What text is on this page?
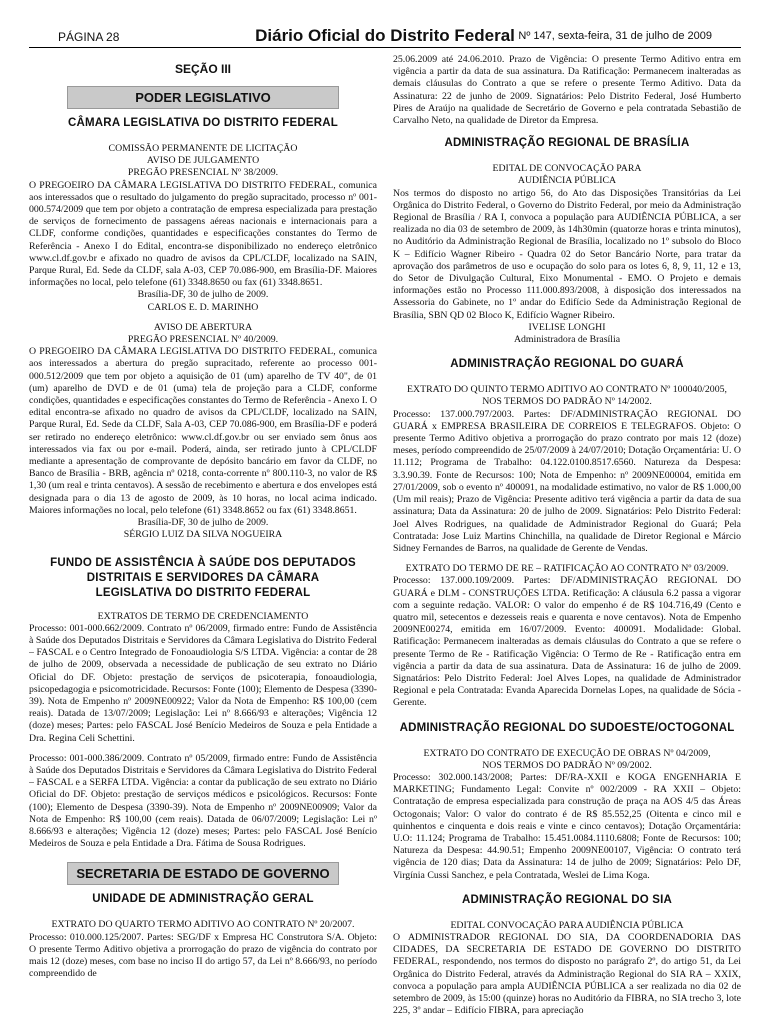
PÁGINA 28	Diário Oficial do Distrito Federal Nº 147, sexta-feira, 31 de julho de 2009
SEÇÃO III
PODER LEGISLATIVO
CÂMARA LEGISLATIVA DO DISTRITO FEDERAL
COMISSÃO PERMANENTE DE LICITAÇÃO
AVISO DE JULGAMENTO
PREGÃO PRESENCIAL Nº 38/2009.
O PREGOEIRO DA CÂMARA LEGISLATIVA DO DISTRITO FEDERAL, comunica aos interessados que o resultado do julgamento do pregão supracitado, processo nº 001-000.574/2009 que tem por objeto a contratação de empresa especializada para prestação de serviços de fornecimento de passagens aéreas nacionais e internacionais para a CLDF, conforme condições, quantidades e especificações constantes do Termo de Referência - Anexo I do Edital, encontra-se disponibilizado no endereço eletrônico www.cl.df.gov.br e afixado no quadro de avisos da CPL/CLDF, localizado na SAIN, Parque Rural, Ed. Sede da CLDF, sala A-03, CEP 70.086-900, em Brasília-DF. Maiores informações no local, pelo telefone (61) 3348.8650 ou fax (61) 3348.8651.
Brasília-DF, 30 de julho de 2009.
CARLOS E. D. MARINHO
AVISO DE ABERTURA
PREGÃO PRESENCIAL Nº 40/2009.
O PREGOEIRO DA CÂMARA LEGISLATIVA DO DISTRITO FEDERAL, comunica aos interessados a abertura do pregão supracitado, referente ao processo 001-000.512/2009 que tem por objeto a aquisição de 01 (um) aparelho de TV 40", de 01 (um) aparelho de DVD e de 01 (uma) tela de projeção para a CLDF, conforme condições, quantidades e especificações constantes do Termo de Referência - Anexo I. O edital encontra-se afixado no quadro de avisos da CPL/CLDF, localizado na SAIN, Parque Rural, Ed. Sede da CLDF, Sala A-03, CEP 70.086-900, em Brasília-DF e poderá ser retirado no endereço eletrônico: www.cl.df.gov.br ou ser enviado sem ônus aos interessados via fax ou por e-mail. Poderá, ainda, ser retirado junto à CPL/CLDF mediante a apresentação de comprovante de depósito bancário em favor da CLDF, no Banco de Brasília - BRB, agência nº 0218, conta-corrente nº 800.110-3, no valor de R$ 1,30 (um real e trinta centavos). A sessão de recebimento e abertura e dos envelopes está designada para o dia 13 de agosto de 2009, às 10 horas, no local acima indicado. Maiores informações no local, pelo telefone (61) 3348.8652 ou fax (61) 3348.8651.
Brasília-DF, 30 de julho de 2009.
SÉRGIO LUIZ DA SILVA NOGUEIRA
FUNDO DE ASSISTÊNCIA À SAÚDE DOS DEPUTADOS DISTRITAIS E SERVIDORES DA CÂMARA LEGISLATIVA DO DISTRITO FEDERAL
EXTRATOS DE TERMO DE CREDENCIAMENTO
Processo: 001-000.662/2009. Contrato nº 06/2009, firmado entre: Fundo de Assistência à Saúde dos Deputados Distritais e Servidores da Câmara Legislativa do Distrito Federal – FASCAL e o Centro Integrado de Fonoaudiologia S/S LTDA. Vigência: a contar de 28 de julho de 2009, observada a necessidade de publicação de seu extrato no Diário Oficial do DF. Objeto: prestação de serviços de psicoterapia, fonoaudiologia, psicopedagogia e psicomotricidade. Recursos: Fonte (100); Elemento de Despesa (3390-39). Nota de Empenho nº 2009NE00922; Valor da Nota de Empenho: R$ 100,00 (cem reais). Datada de 13/07/2009; Legislação: Lei nº 8.666/93 e alterações; Vigência 12 (doze) meses; Partes: pelo FASCAL José Benício Medeiros de Souza e pela Entidade a Dra. Regina Celi Schettini.
Processo: 001-000.386/2009. Contrato nº 05/2009, firmado entre: Fundo de Assistência à Saúde dos Deputados Distritais e Servidores da Câmara Legislativa do Distrito Federal – FASCAL e a SERFA LTDA. Vigência: a contar da publicação de seu extrato no Diário Oficial do DF. Objeto: prestação de serviços médicos e psicológicos. Recursos: Fonte (100); Elemento de Despesa (3390-39). Nota de Empenho nº 2009NE00909; Valor da Nota de Empenho: R$ 100,00 (cem reais). Datada de 06/07/2009; Legislação: Lei nº 8.666/93 e alterações; Vigência 12 (doze) meses; Partes: pelo FASCAL José Benício Medeiros de Souza e pela Entidade a Dra. Fátima de Sousa Rodrigues.
SECRETARIA DE ESTADO DE GOVERNO
UNIDADE DE ADMINISTRAÇÃO GERAL
EXTRATO DO QUARTO TERMO ADITIVO AO CONTRATO Nº 20/2007.
Processo: 010.000.125/2007. Partes: SEG/DF x Empresa HC Construtora S/A. Objeto: O presente Termo Aditivo objetiva a prorrogação do prazo de vigência do contrato por mais 12 (doze) meses, com base no inciso II do artigo 57, da Lei nº 8.666/93, no período compreendido de
25.06.2009 até 24.06.2010. Prazo de Vigência: O presente Termo Aditivo entra em vigência a partir da data de sua assinatura. Da Ratificação: Permanecem inalteradas as demais cláusulas do Contrato a que se refere o presente Termo Aditivo. Data da Assinatura: 22 de junho de 2009. Signatários: Pelo Distrito Federal, José Humberto Pires de Araújo na qualidade de Secretário de Governo e pela contratada Sebastião de Carvalho Neto, na qualidade de Diretor da Empresa.
ADMINISTRAÇÃO REGIONAL DE BRASÍLIA
EDITAL DE CONVOCAÇÃO PARA
AUDIÊNCIA PÚBLICA
Nos termos do disposto no artigo 56, do Ato das Disposições Transitórias da Lei Orgânica do Distrito Federal, o Governo do Distrito Federal, por meio da Administração Regional de Brasília / RA I, convoca a população para AUDIÊNCIA PÚBLICA, a ser realizada no dia 03 de setembro de 2009, às 14h30min (quatorze horas e trinta minutos), no Auditório da Administração Regional de Brasília, localizado no 1º subsolo do Bloco K – Edifício Wagner Ribeiro - Quadra 02 do Setor Bancário Norte, para tratar da aprovação dos parâmetros de uso e ocupação do solo para os lotes 6, 8, 9, 11, 12 e 13, do Setor de Divulgação Cultural, Eixo Monumental - EMO. O Projeto e demais informações estão no Processo 111.000.893/2008, à disposição dos interessados na Assessoria do Gabinete, no 1º andar do Edifício Sede da Administração Regional de Brasília, SBN QD 02 Bloco K, Edifício Wagner Ribeiro.
IVELISE LONGHI
Administradora de Brasília
ADMINISTRAÇÃO REGIONAL DO GUARÁ
EXTRATO DO QUINTO TERMO ADITIVO AO CONTRATO Nº 100040/2005,
NOS TERMOS DO PADRÃO Nº 14/2002.
Processo: 137.000.797/2003. Partes: DF/ADMINISTRAÇÃO REGIONAL DO GUARÁ x EMPRESA BRASILEIRA DE CORREIOS E TELEGRAFOS. Objeto: O presente Termo Aditivo objetiva a prorrogação do prazo contrato por mais 12 (doze) meses, período compreendido de 25/07/2009 à 24/07/2010; Dotação Orçamentária: U. O 11.112; Programa de Trabalho: 04.122.0100.8517.6560. Natureza da Despesa: 3.3.90.39. Fonte de Recursos: 100; Nota de Empenho: nº 2009NE00004, emitida em 27/01/2009, sob o evento nº 400091, na modalidade estimativo, no valor de R$ 1.000,00 (Um mil reais); Prazo de Vigência: Presente aditivo terá vigência a partir da data de sua assinatura; Data da Assinatura: 20 de julho de 2009. Signatários: Pelo Distrito Federal: Joel Alves Rodrigues, na qualidade de Administrador Regional do Guará; Pela Contratada: Jose Luiz Martins Chinchilla, na qualidade de Diretor Regional e Márcio Sidney Fernandes de Barros, na qualidade de Gerente de Vendas.
EXTRATO DO TERMO DE RE – RATIFICAÇÃO AO CONTRATO Nº 03/2009.
Processo: 137.000.109/2009. Partes: DF/ADMINISTRAÇÃO REGIONAL DO GUARÁ e DLM - CONSTRUÇÕES LTDA. Retificação: A cláusula 6.2 passa a vigorar com a seguinte redação. VALOR: O valor do empenho é de R$ 104.716,49 (Cento e quatro mil, setecentos e dezesseis reais e quarenta e nove centavos). Nota de Empenho 2009NE00274, emitida em 16/07/2009. Evento: 400091. Modalidade: Global. Ratificação: Permanecem inalteradas as demais cláusulas do Contrato a que se refere o presente Termo de Re - Ratificação Vigência: O Termo de Re - Ratificação entra em vigência a partir da data de sua assinatura. Data de Assinatura: 16 de julho de 2009. Signatários: Pelo Distrito Federal: Joel Alves Lopes, na qualidade de Administrador Regional e pela Contratada: Evanda Aparecida Dornelas Lopes, na qualidade de Sócia - Gerente.
ADMINISTRAÇÃO REGIONAL DO SUDOESTE/OCTOGONAL
EXTRATO DO CONTRATO DE EXECUÇÃO DE OBRAS Nº 04/2009,
NOS TERMOS DO PADRÃO Nº 09/2002.
Processo: 302.000.143/2008; Partes: DF/RA-XXII e KOGA ENGENHARIA E MARKETING; Fundamento Legal: Convite nº 002/2009 - RA XXII – Objeto: Contratação de empresa especializada para construção de praça na AOS 4/5 das Áreas Octogonais; Valor: O valor do contrato é de R$ 85.552,25 (Oitenta e cinco mil e quinhentos e cinquenta e dois reais e vinte e cinco centavos); Dotação Orçamentária: U.O: 11.124; Programa de Trabalho: 15.451.0084.1110.6808; Fonte de Recursos: 100; Natureza da Despesa: 44.90.51; Empenho 2009NE00107, Vigência: O contrato terá vigência de 120 dias; Data da Assinatura: 14 de julho de 2009; Signatários: Pelo DF, Virgínia Cussi Sanchez, e pela Contratada, Weslei de Lima Koga.
ADMINISTRAÇÃO REGIONAL DO SIA
EDITAL CONVOCAÇÃO PARA AUDIÊNCIA PÚBLICA
O ADMINISTRADOR REGIONAL DO SIA, DA COORDENADORIA DAS CIDADES, DA SECRETARIA DE ESTADO DE GOVERNO DO DISTRITO FEDERAL, respondendo, nos termos do disposto no parágrafo 2º, do artigo 51, da Lei Orgânica do Distrito Federal, através da Administração Regional do SIA RA – XXIX, convoca a população para ampla AUDIÊNCIA PÚBLICA a ser realizada no dia 02 de setembro de 2009, às 15:00 (quinze) horas no Auditório da FIBRA, no SIA trecho 3, lote 225, 3º andar – Edifício FIBRA, para apreciação
